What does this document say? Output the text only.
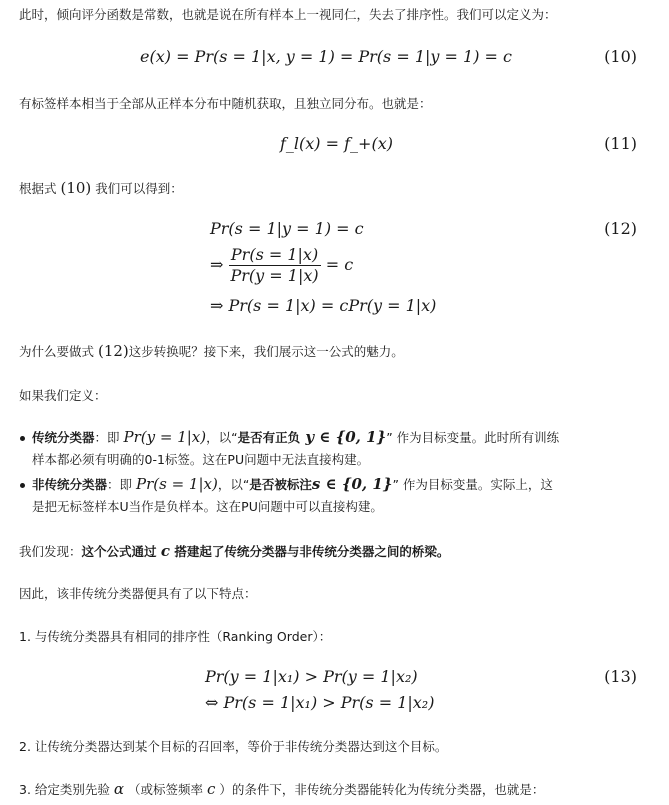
此时，倾向评分函数是常数，也就是说在所有样本上一视同仁，失去了排序性。我们可以定义为：
e(x) = Pr(s = 1|x, y = 1) = Pr(s = 1|y = 1) = c	(10)
有标签样本相当于全部从正样本分布中随机获取，且独立同分布。也就是：
f_l(x) = f_+(x)	(11)
根据式 (10) 我们可以得到：
Pr(s = 1|y = 1) = c	(12)
⇒ $\frac{Pr(s = 1|x)}{Pr(y = 1|x)} = c$
⇒ Pr(s = 1|x) = cPr(y = 1|x)
为什么要做式 (12)这步转换呢？接下来，我们展示这一公式的魅力。
如果我们定义：
传统分类器：即 Pr(y = 1|x)，以“是否有正负 y ∈ {0, 1}” 作为目标变量。此时所有训练
样本都必须有明确的0-1标签。这在PU问题中无法直接构建。
非传统分类器：即 Pr(s = 1|x)，以“是否被标注s ∈ {0, 1}” 作为目标变量。实际上，这
是把无标签样本U当作是负样本。这在PU问题中可以直接构建。
我们发现：这个公式通过 c 搭建起了传统分类器与非传统分类器之间的桥梁。
因此，该非传统分类器便具有了以下特点：
1. 与传统分类器具有相同的排序性（Ranking Order）：
Pr(y = 1|x₁) > Pr(y = 1|x₂)	(13)
⇔ Pr(s = 1|x₁) > Pr(s = 1|x₂)
2. 让传统分类器达到某个目标的召回率，等价于非传统分类器达到这个目标。
3. 给定类别先验 α （或标签频率 c ）的条件下，非传统分类器能转化为传统分类器，也就是：
